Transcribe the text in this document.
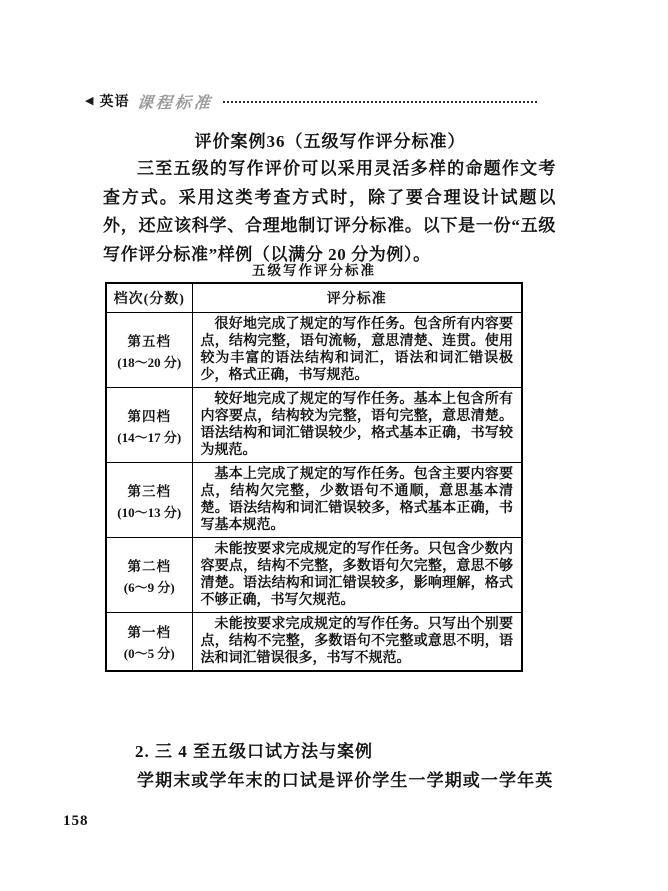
◀ 英语 课程标准
评价案例36（五级写作评分标准）
三至五级的写作评价可以采用灵活多样的命题作文考查方式。采用这类考查方式时，除了要合理设计试题以外，还应该科学、合理地制订评分标准。以下是一份“五级写作评分标准”样例（以满分 20 分为例）。
五级写作评分标准
档次(分数)	评分标准

第五档
(18～20 分)	很好地完成了规定的写作任务。包含所有内容要点，结构完整，语句流畅，意思清楚、连贯。使用较为丰富的语法结构和词汇，语法和词汇错误极少，格式正确，书写规范。

第四档
(14～17 分)	较好地完成了规定的写作任务。基本上包含所有内容要点，结构较为完整，语句完整，意思清楚。语法结构和词汇错误较少，格式基本正确，书写较为规范。

第三档
(10～13 分)	基本上完成了规定的写作任务。包含主要内容要点，结构欠完整，少数语句不通顺，意思基本清楚。语法结构和词汇错误较多，格式基本正确，书写基本规范。

第二档
(6～9 分)	未能按要求完成规定的写作任务。只包含少数内容要点，结构不完整，多数语句欠完整，意思不够清楚。语法结构和词汇错误较多，影响理解，格式不够正确，书写欠规范。

第一档
(0～5 分)	未能按要求完成规定的写作任务。只写出个别要点，结构不完整，多数语句不完整或意思不明，语法和词汇错误很多，书写不规范。
2. 三 4 至五级口试方法与案例
学期末或学年末的口试是评价学生一学期或一学年英
158
